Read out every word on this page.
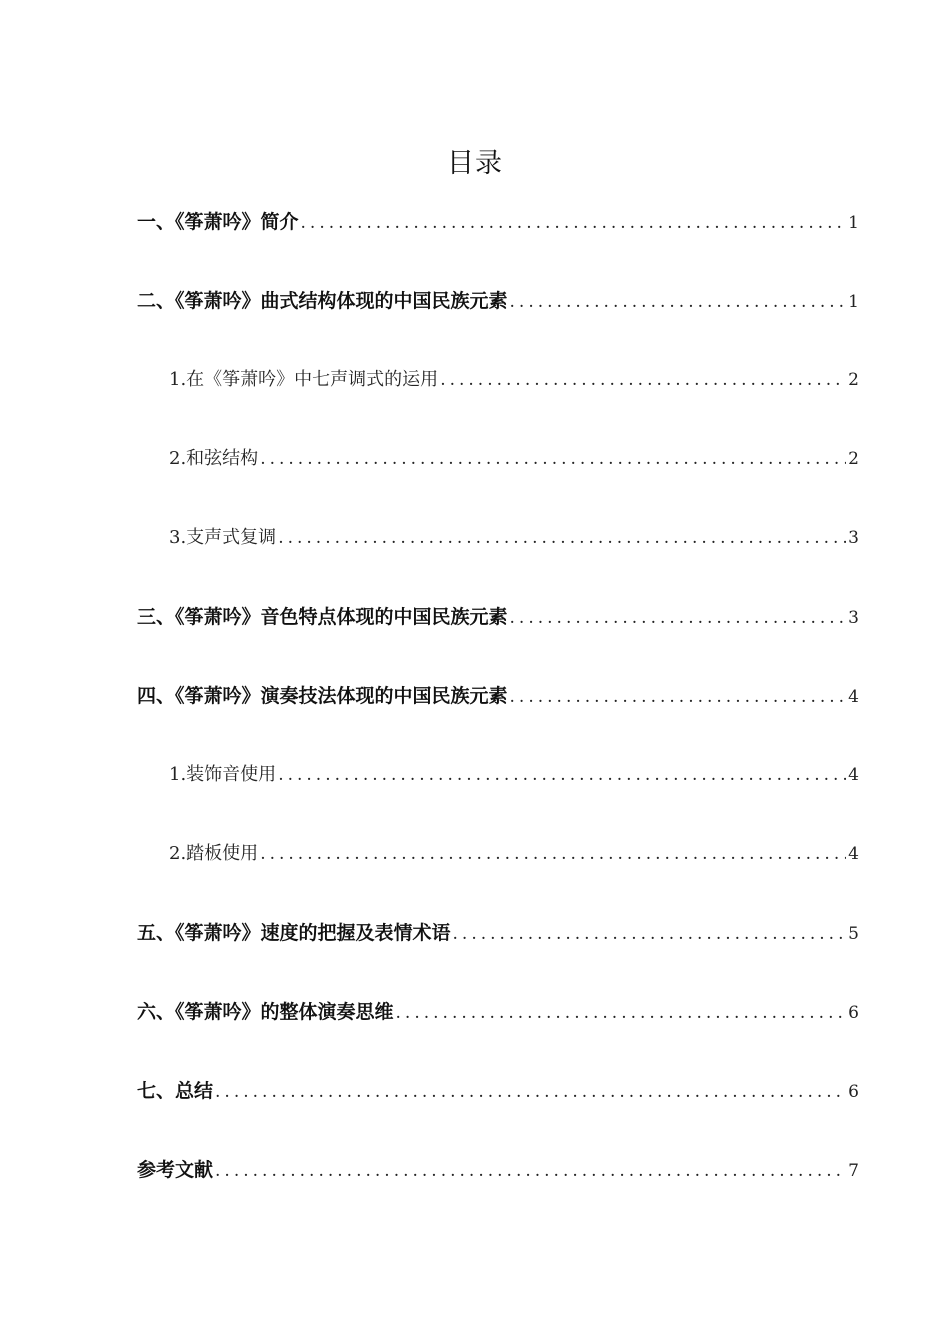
目录
一、《筝萧吟》简介 .....	1
二、《筝萧吟》曲式结构体现的中国民族元素 .....	1
1.在《筝萧吟》中七声调式的运用 .....	2
2.和弦结构 .....	2
3.支声式复调 .....	3
三、《筝萧吟》音色特点体现的中国民族元素 .....	3
四、《筝萧吟》演奏技法体现的中国民族元素 .....	4
1.装饰音使用 .....	4
2.踏板使用 .....	4
五、《筝萧吟》速度的把握及表情术语 .....	5
六、《筝萧吟》的整体演奏思维 .....	6
七、总结 .....	6
参考文献 .....	7
